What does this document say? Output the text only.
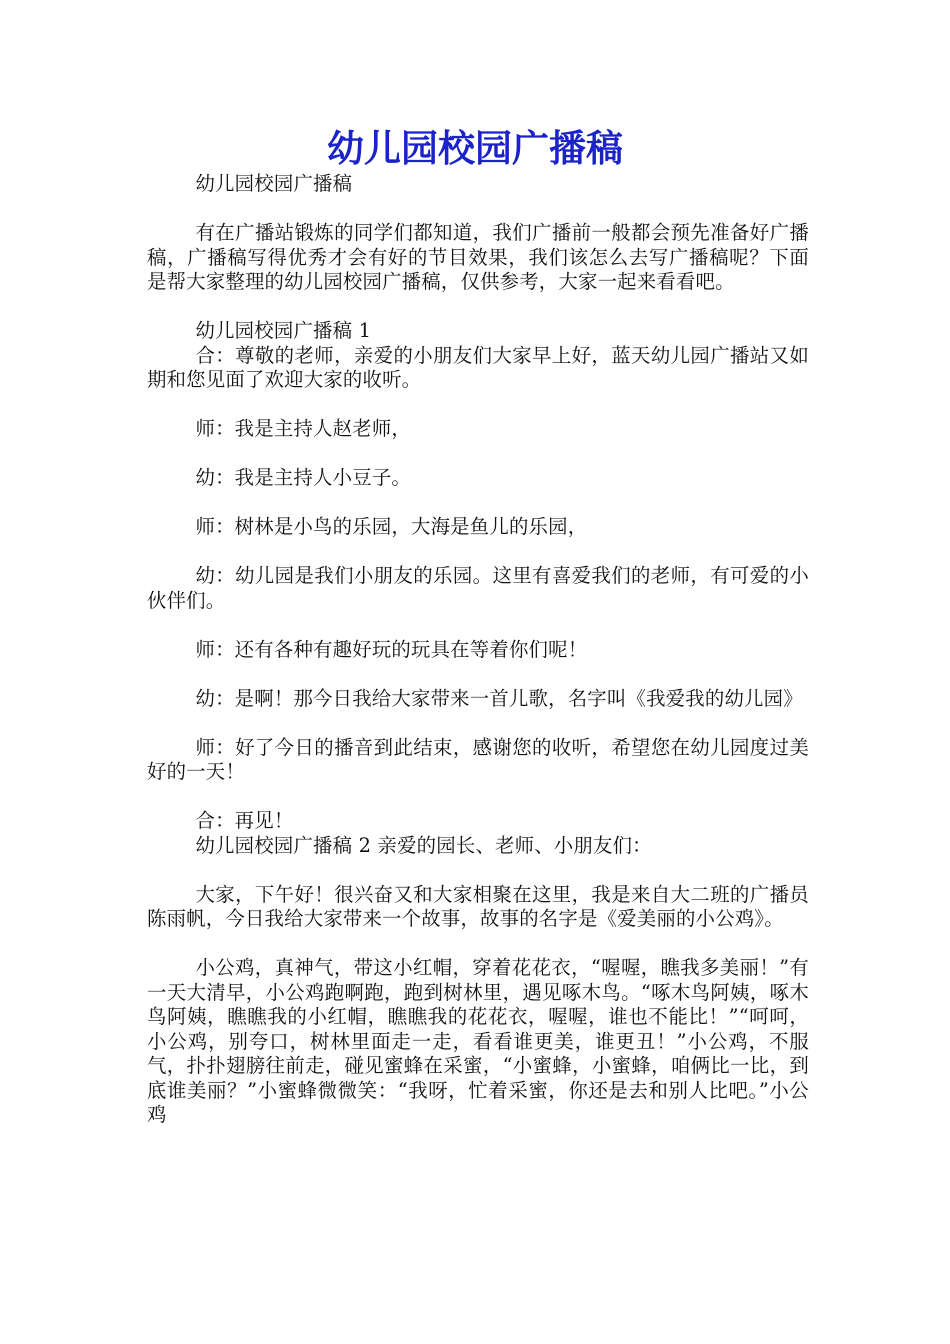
幼儿园校园广播稿

幼儿园校园广播稿

有在广播站锻炼的同学们都知道，我们广播前一般都会预先准备好广播稿，广播稿写得优秀才会有好的节目效果，我们该怎么去写广播稿呢？下面是帮大家整理的幼儿园校园广播稿，仅供参考，大家一起来看看吧。

幼儿园校园广播稿 1

合：尊敬的老师，亲爱的小朋友们大家早上好，蓝天幼儿园广播站又如期和您见面了欢迎大家的收听。

师：我是主持人赵老师，

幼：我是主持人小豆子。

师：树林是小鸟的乐园，大海是鱼儿的乐园，

幼：幼儿园是我们小朋友的乐园。这里有喜爱我们的老师，有可爱的小伙伴们。

师：还有各种有趣好玩的玩具在等着你们呢！

幼：是啊！那今日我给大家带来一首儿歌，名字叫《我爱我的幼儿园》

师：好了今日的播音到此结束，感谢您的收听，希望您在幼儿园度过美好的一天！

合：再见！

幼儿园校园广播稿 2 亲爱的园长、老师、小朋友们：

大家，下午好！很兴奋又和大家相聚在这里，我是来自大二班的广播员陈雨帆，今日我给大家带来一个故事，故事的名字是《爱美丽的小公鸡》。

小公鸡，真神气，带这小红帽，穿着花花衣，“喔喔，瞧我多美丽！”有一天大清早，小公鸡跑啊跑，跑到树林里，遇见啄木鸟。“啄木鸟阿姨，啄木鸟阿姨，瞧瞧我的小红帽，瞧瞧我的花花衣，喔喔，谁也不能比！”“呵呵，小公鸡，别夸口，树林里面走一走，看看谁更美，谁更丑！”小公鸡，不服气，扑扑翅膀往前走，碰见蜜蜂在采蜜，“小蜜蜂，小蜜蜂，咱俩比一比，到底谁美丽？”小蜜蜂微微笑：“我呀，忙着采蜜，你还是去和别人比吧。”小公鸡
